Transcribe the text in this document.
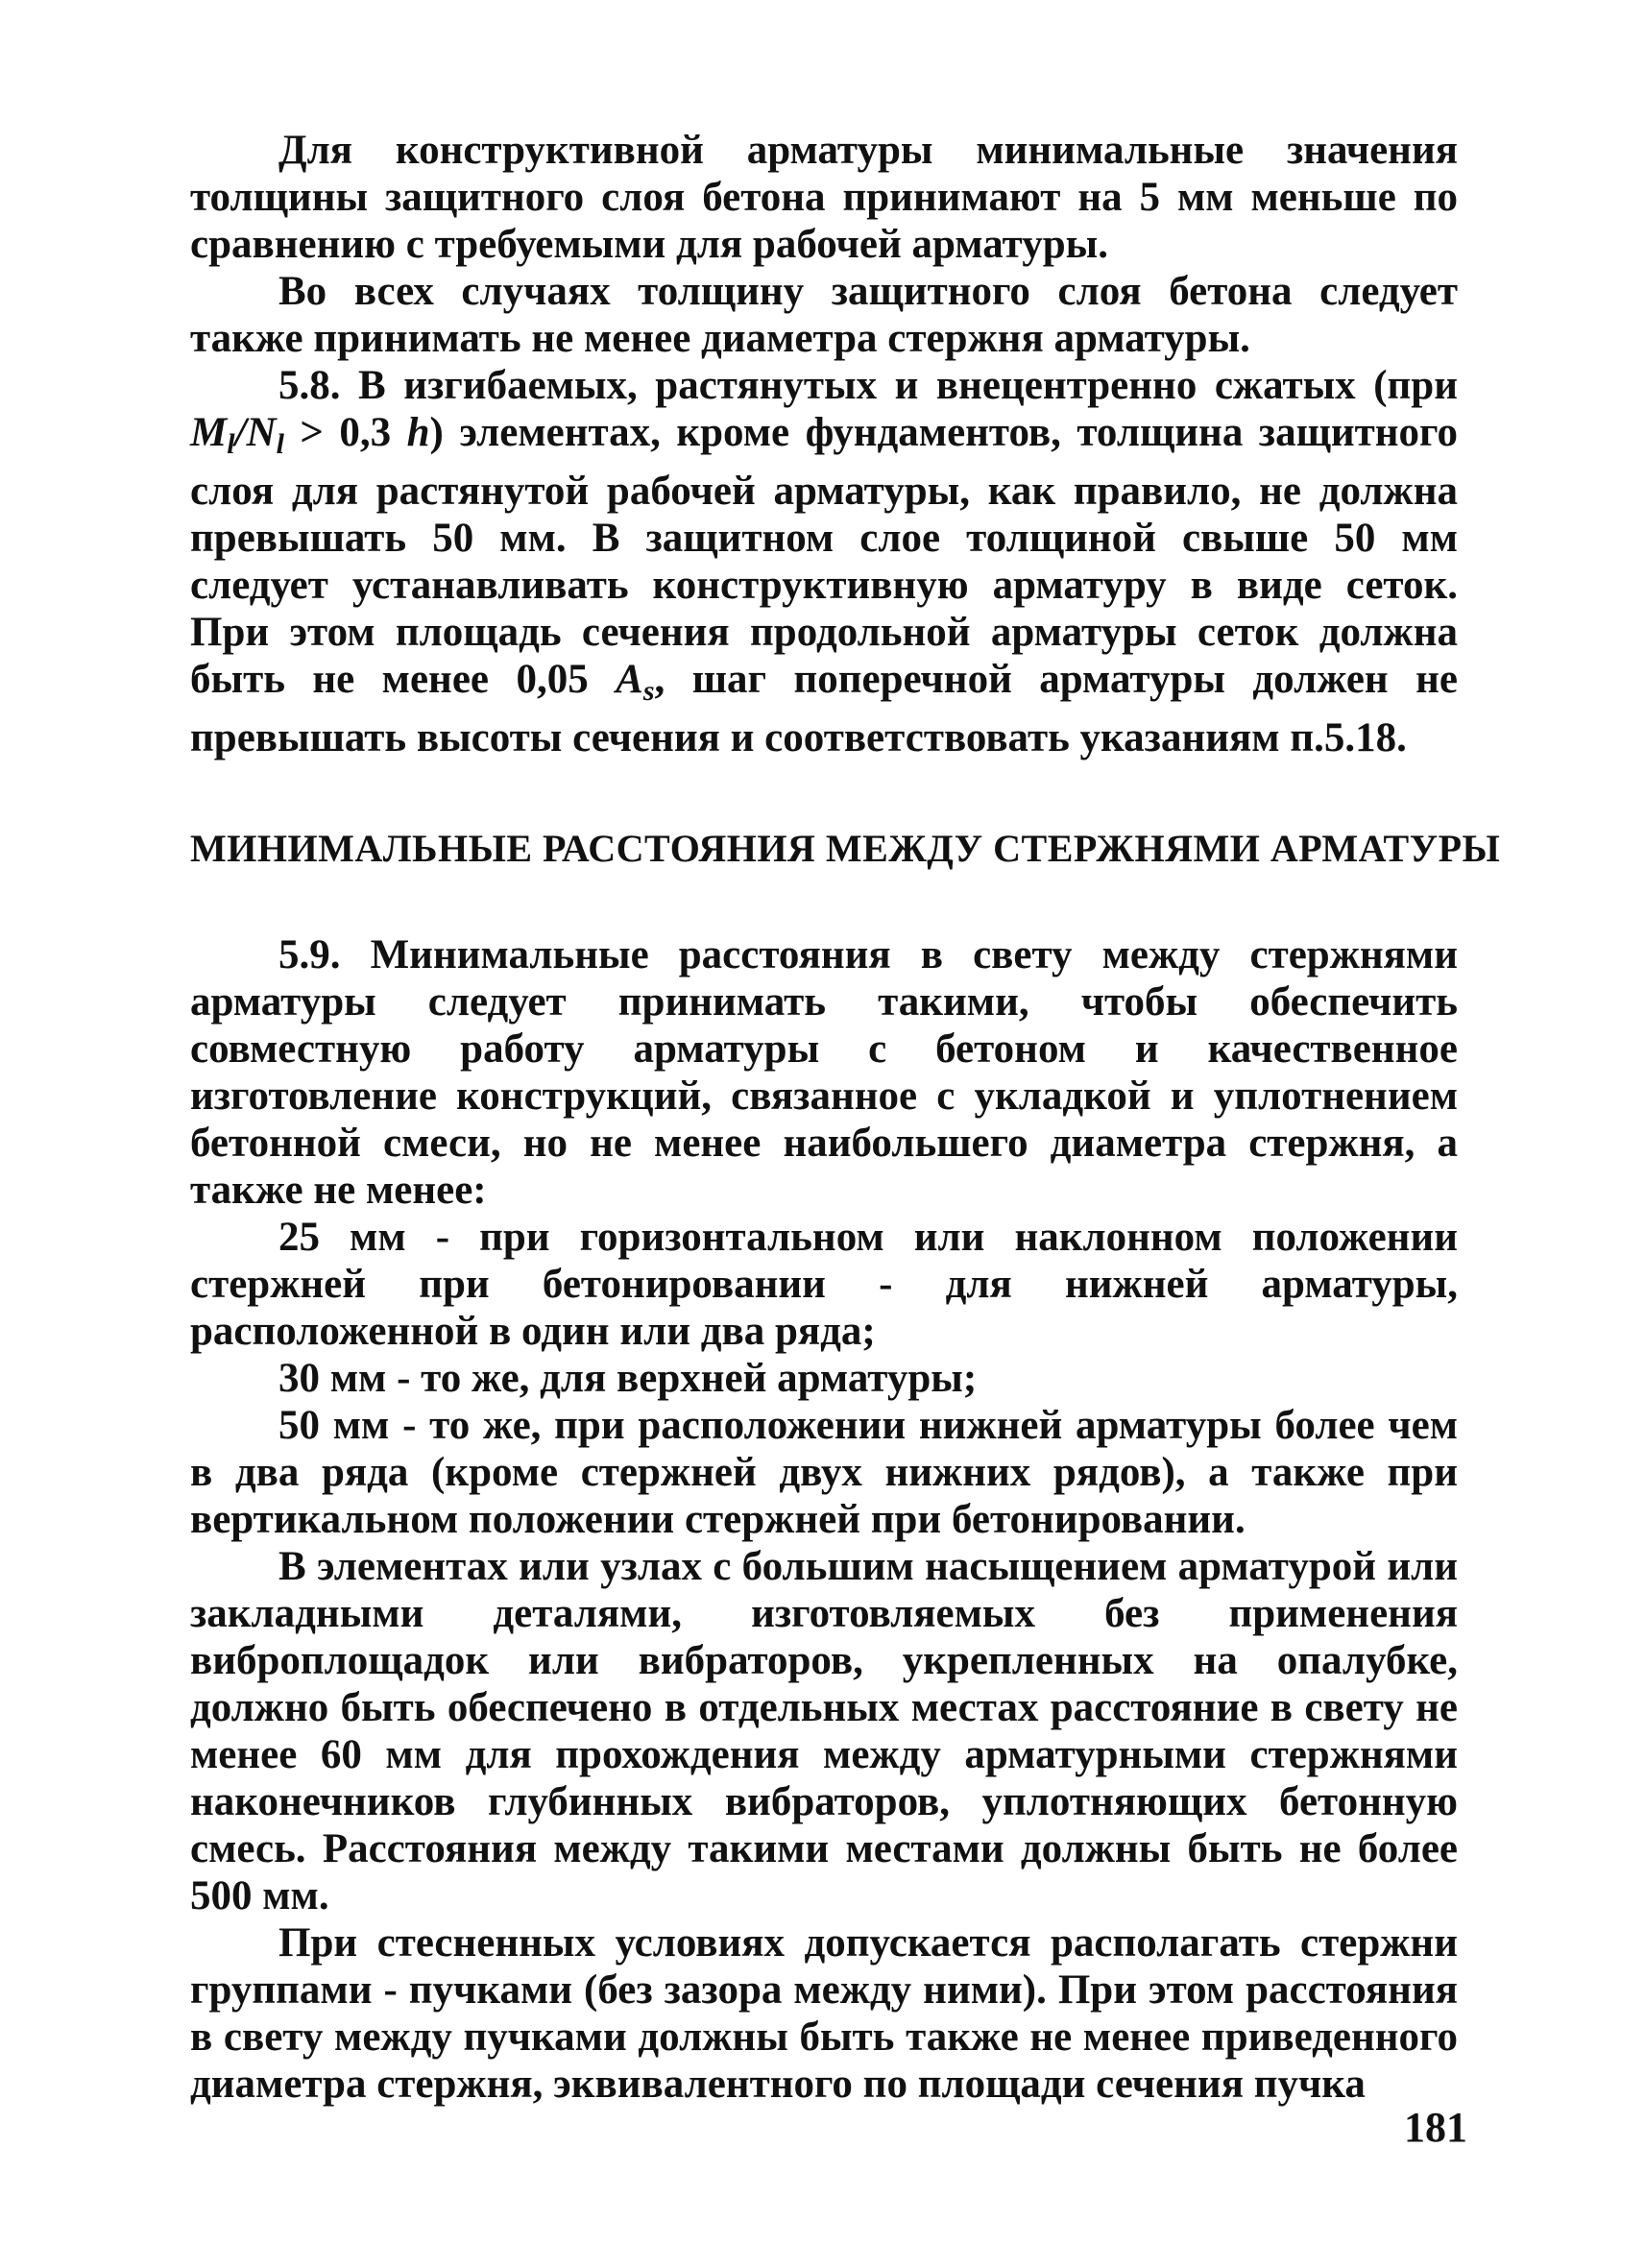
Для конструктивной арматуры минимальные значения толщины защитного слоя бетона принимают на 5 мм меньше по сравнению с требуемыми для рабочей арматуры.

Во всех случаях толщину защитного слоя бетона следует также принимать не менее диаметра стержня арматуры.

5.8. В изгибаемых, растянутых и внецентренно сжатых (при $M_l/N_l > 0,3$ h) элементах, кроме фундаментов, толщина защитного слоя для растянутой рабочей арматуры, как правило, не должна превышать 50 мм. В защитном слое толщиной свыше 50 мм следует устанавливать конструктивную арматуру в виде сеток. При этом площадь сечения продольной арматуры сеток должна быть не менее 0,05 $A_s$, шаг поперечной арматуры должен не превышать высоты сечения и соответствовать указаниям п.5.18.

МИНИМАЛЬНЫЕ РАССТОЯНИЯ МЕЖДУ СТЕРЖНЯМИ АРМАТУРЫ

5.9. Минимальные расстояния в свету между стержнями арматуры следует принимать такими, чтобы обеспечить совместную работу арматуры с бетоном и качественное изготовление конструкций, связанное с укладкой и уплотнением бетонной смеси, но не менее наибольшего диаметра стержня, а также не менее:

25 мм - при горизонтальном или наклонном положении стержней при бетонировании - для нижней арматуры, расположенной в один или два ряда;

30 мм - то же, для верхней арматуры;

50 мм - то же, при расположении нижней арматуры более чем в два ряда (кроме стержней двух нижних рядов), а также при вертикальном положении стержней при бетонировании.

В элементах или узлах с большим насыщением арматурой или закладными деталями, изготовляемых без применения виброплощадок или вибраторов, укрепленных на опалубке, должно быть обеспечено в отдельных местах расстояние в свету не менее 60 мм для прохождения между арматурными стержнями наконечников глубинных вибраторов, уплотняющих бетонную смесь. Расстояния между такими местами должны быть не более 500 мм.

При стесненных условиях допускается располагать стержни группами - пучками (без зазора между ними). При этом расстояния в свету между пучками должны быть также не менее приведенного диаметра стержня, эквивалентного по площади сечения пучка

181
